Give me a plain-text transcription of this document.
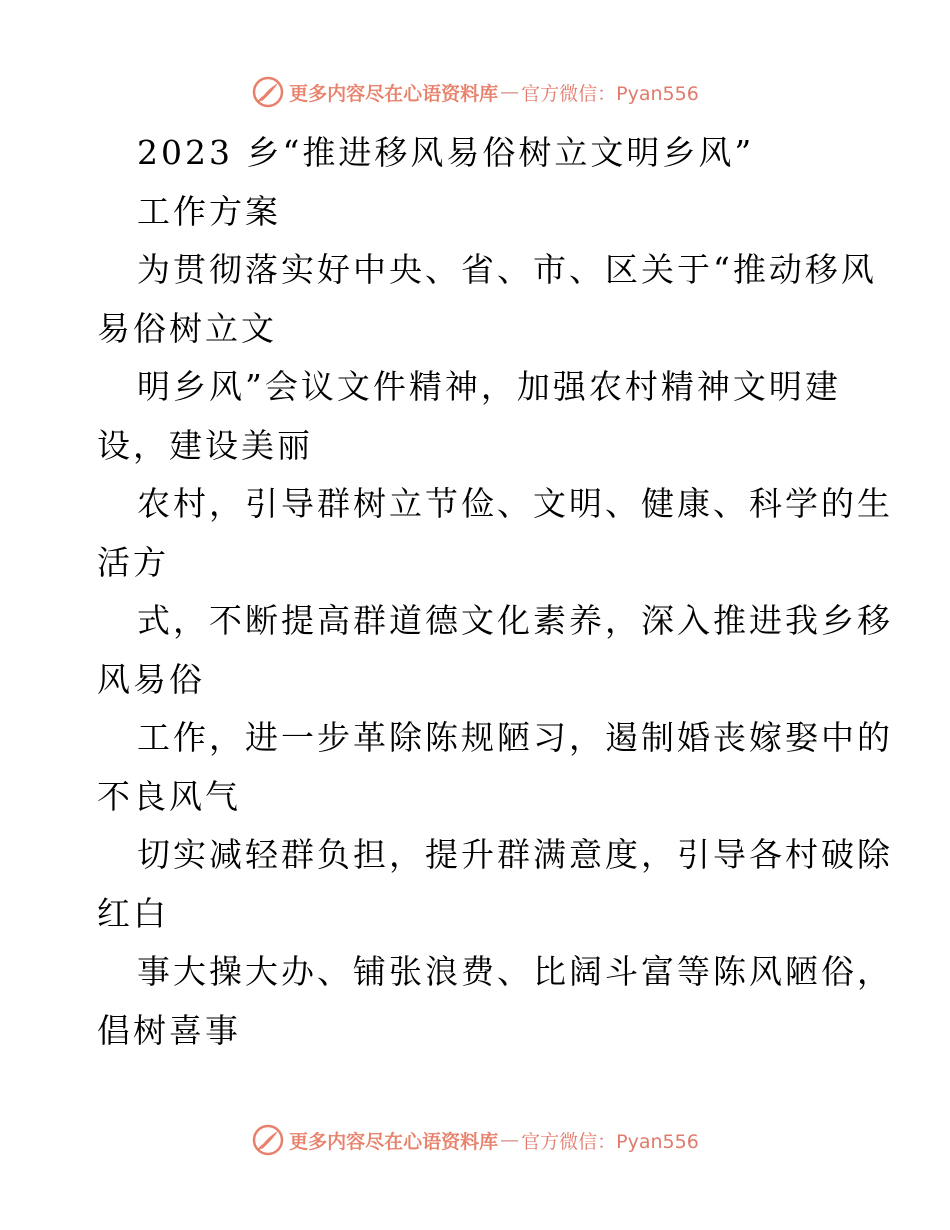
更多内容尽在心语资料库 — 官方微信：Pyan556
2023 乡“推进移风易俗树立文明乡风”
工作方案
为贯彻落实好中央、省、市、区关于“推动移风
易俗树立文
明乡风”会议文件精神，加强农村精神文明建
设，建设美丽
农村，引导群树立节俭、文明、健康、科学的生
活方
式，不断提高群道德文化素养，深入推进我乡移
风易俗
工作，进一步革除陈规陋习，遏制婚丧嫁娶中的
不良风气
切实减轻群负担，提升群满意度，引导各村破除
红白
事大操大办、铺张浪费、比阔斗富等陈风陋俗，
倡树喜事
更多内容尽在心语资料库 — 官方微信：Pyan556
